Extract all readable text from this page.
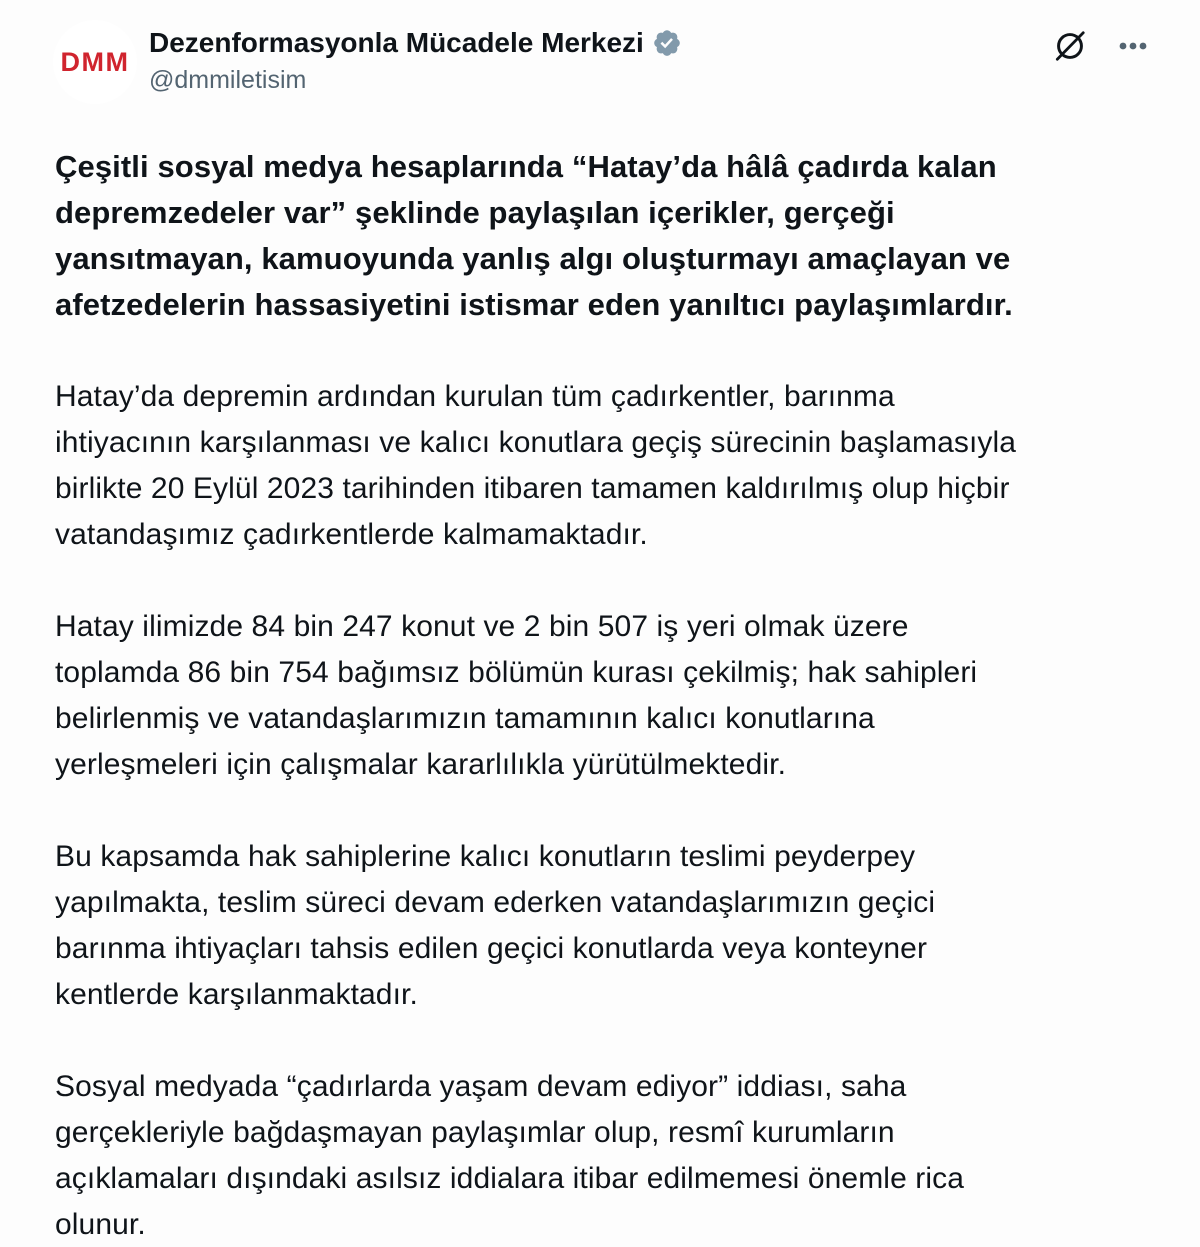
DMM
Dezenformasyonla Mücadele Merkezi
@dmmiletisim
Çeşitli sosyal medya hesaplarında “Hatay’da hâlâ çadırda kalan
depremzedeler var” şeklinde paylaşılan içerikler, gerçeği
yansıtmayan, kamuoyunda yanlış algı oluşturmayı amaçlayan ve
afetzedelerin hassasiyetini istismar eden yanıltıcı paylaşımlardır.
Hatay’da depremin ardından kurulan tüm çadırkentler, barınma
ihtiyacının karşılanması ve kalıcı konutlara geçiş sürecinin başlamasıyla
birlikte 20 Eylül 2023 tarihinden itibaren tamamen kaldırılmış olup hiçbir
vatandaşımız çadırkentlerde kalmamaktadır.
Hatay ilimizde 84 bin 247 konut ve 2 bin 507 iş yeri olmak üzere
toplamda 86 bin 754 bağımsız bölümün kurası çekilmiş; hak sahipleri
belirlenmiş ve vatandaşlarımızın tamamının kalıcı konutlarına
yerleşmeleri için çalışmalar kararlılıkla yürütülmektedir.
Bu kapsamda hak sahiplerine kalıcı konutların teslimi peyderpey
yapılmakta, teslim süreci devam ederken vatandaşlarımızın geçici
barınma ihtiyaçları tahsis edilen geçici konutlarda veya konteyner
kentlerde karşılanmaktadır.
Sosyal medyada “çadırlarda yaşam devam ediyor” iddiası, saha
gerçekleriyle bağdaşmayan paylaşımlar olup, resmî kurumların
açıklamaları dışındaki asılsız iddialara itibar edilmemesi önemle rica
olunur.
